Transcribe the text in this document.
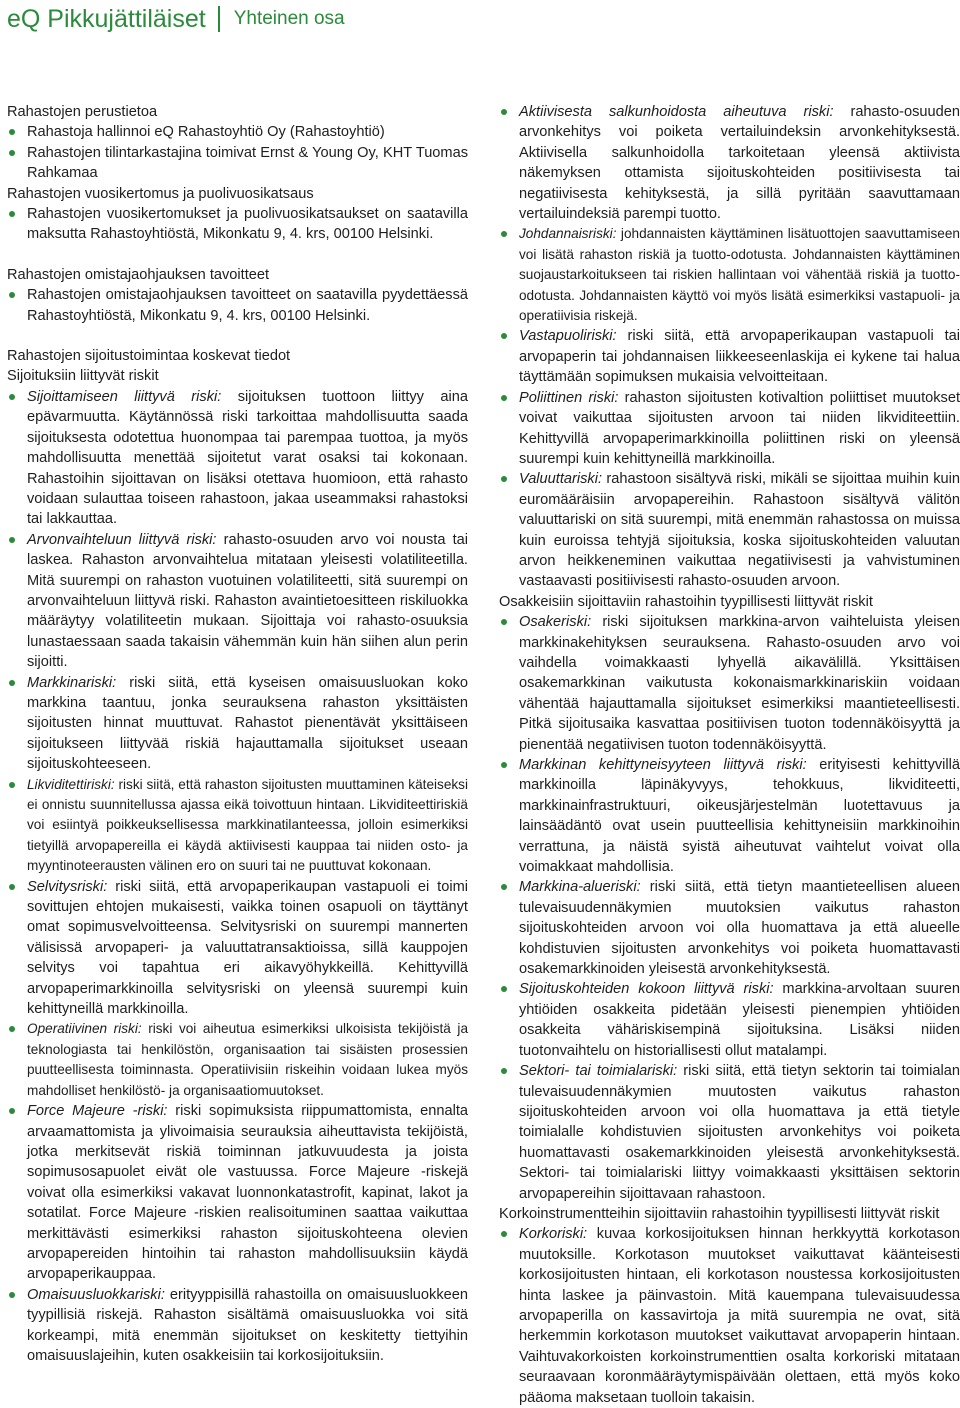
eQ Pikkujättiläiset Yhteinen osa
Rahastojen perustietoa
Rahastoja hallinnoi eQ Rahastoyhtiö Oy (Rahastoyhtiö)
Rahastojen tilintarkastajina toimivat Ernst & Young Oy, KHT Tuomas Rahkamaa
Rahastojen vuosikertomus ja puolivuosikatsaus
Rahastojen vuosikertomukset ja puolivuosikatsaukset on saatavilla maksutta Rahastoyhtiöstä, Mikonkatu 9, 4. krs, 00100 Helsinki.
Rahastojen omistajaohjauksen tavoitteet
Rahastojen omistajaohjauksen tavoitteet on saatavilla pyydettäessä Rahastoyhtiöstä, Mikonkatu 9, 4. krs, 00100 Helsinki.
Rahastojen sijoitustoimintaa koskevat tiedot
Sijoituksiin liittyvät riskit
Sijoittamiseen liittyvä riski: sijoituksen tuottoon liittyy aina epävarmuutta. Käytännössä riski tarkoittaa mahdollisuutta saada sijoituksesta odotettua huonompaa tai parempaa tuottoa, ja myös mahdollisuutta menettää sijoitetut varat osaksi tai kokonaan. Rahastoihin sijoittavan on lisäksi otettava huomioon, että rahasto voidaan sulauttaa toiseen rahastoon, jakaa useammaksi rahastoksi tai lakkauttaa.
Arvonvaihteluun liittyvä riski: rahasto-osuuden arvo voi nousta tai laskea. Rahaston arvonvaihtelua mitataan yleisesti volatiliteetilla. Mitä suurempi on rahaston vuotuinen volatiliteetti, sitä suurempi on arvonvaihteluun liittyvä riski. Rahaston avaintietoesitteen riskiluokka määräytyy volatiliteetin mukaan. Sijoittaja voi rahasto-osuuksia lunastaessaan saada takaisin vähemmän kuin hän siihen alun perin sijoitti.
Markkinariski: riski siitä, että kyseisen omaisuusluokan koko markkina taantuu, jonka seurauksena rahaston yksittäisten sijoitusten hinnat muuttuvat. Rahastot pienentävät yksittäiseen sijoitukseen liittyvää riskiä hajauttamalla sijoitukset useaan sijoituskohteeseen.
Likviditettiriski: riski siitä, että rahaston sijoitusten muuttaminen käteiseksi ei onnistu suunnitellussa ajassa eikä toivottuun hintaan. Likviditeettiriskiä voi esiintyä poikkeuksellisessa markkinatilanteessa, jolloin esimerkiksi tietyillä arvopapereilla ei käydä aktiivisesti kauppaa tai niiden osto- ja myyntinoteerausten välinen ero on suuri tai ne puuttuvat kokonaan.
Selvitysriski: riski siitä, että arvopaperikaupan vastapuoli ei toimi sovittujen ehtojen mukaisesti, vaikka toinen osapuoli on täyttänyt omat sopimusvelvoitteensa. Selvitysriski on suurempi mannerten välisissä arvopaperi- ja valuuttatransaktioissa, sillä kauppojen selvitys voi tapahtua eri aikavyöhykkeillä. Kehittyvillä arvopaperimarkkinoilla selvitysriski on yleensä suurempi kuin kehittyneillä markkinoilla.
Operatiivinen riski: riski voi aiheutua esimerkiksi ulkoisista tekijöistä ja teknologiasta tai henkilöstön, organisaation tai sisäisten prosessien puutteellisesta toiminnasta. Operatiivisiin riskeihin voidaan lukea myös mahdolliset henkilöstö- ja organisaatiomuutokset.
Force Majeure -riski: riski sopimuksista riippumattomista, ennalta arvaamattomista ja ylivoimaisia seurauksia aiheuttavista tekijöistä, jotka merkitsevät riskiä toiminnan jatkuvuudesta ja joista sopimusosapuolet eivät ole vastuussa. Force Majeure -riskejä voivat olla esimerkiksi vakavat luonnonkatastrofit, kapinat, lakot ja sotatilat. Force Majeure -riskien realisoituminen saattaa vaikuttaa merkittävästi esimerkiksi rahaston sijoituskohteena olevien arvopapereiden hintoihin tai rahaston mahdollisuuksiin käydä arvopaperikauppaa.
Omaisuusluokkariski: erityyppisillä rahastoilla on omaisuusluokkeen tyypillisiä riskejä. Rahaston sisältämä omaisuusluokka voi sitä korkeampi, mitä enemmän sijoitukset on keskitetty tiettyihin omaisuuslajeihin, kuten osakkeisiin tai korkosijoituksiin.
Aktiivisesta salkunhoidosta aiheutuva riski: rahasto-osuuden arvonkehitys voi poiketa vertailuindeksin arvonkehityksestä. Aktiivisella salkunhoidolla tarkoitetaan yleensä aktiivista näkemyksen ottamista sijoituskohteiden positiivisesta tai negatiivisesta kehityksestä, ja sillä pyritään saavuttamaan vertailuindeksiä parempi tuotto.
Johdannaisriski: johdannaisten käyttäminen lisätuottojen saavuttamiseen voi lisätä rahaston riskiä ja tuotto-odotusta. Johdannaisten käyttäminen suojaustarkoitukseen tai riskien hallintaan voi vähentää riskiä ja tuotto-odotusta. Johdannaisten käyttö voi myös lisätä esimerkiksi vastapuoli- ja operatiivisia riskejä.
Vastapuoliriski: riski siitä, että arvopaperikaupan vastapuoli tai arvopaperin tai johdannaisen liikkeeseenlaskija ei kykene tai halua täyttämään sopimuksen mukaisia velvoitteitaan.
Poliittinen riski: rahaston sijoitusten kotivaltion poliittiset muutokset voivat vaikuttaa sijoitusten arvoon tai niiden likviditeettiin. Kehittyvillä arvopaperimarkkinoilla poliittinen riski on yleensä suurempi kuin kehittyneillä markkinoilla.
Valuuttariski: rahastoon sisältyvä riski, mikäli se sijoittaa muihin kuin euromääräisiin arvopapereihin. Rahastoon sisältyvä välitön valuuttariski on sitä suurempi, mitä enemmän rahastossa on muissa kuin euroissa tehtyjä sijoituksia, koska sijoituskohteiden valuutan arvon heikkeneminen vaikuttaa negatiivisesti ja vahvistuminen vastaavasti positiivisesti rahasto-osuuden arvoon.
Osakkeisiin sijoittaviin rahastoihin tyypillisesti liittyvät riskit
Osakeriski: riski sijoituksen markkina-arvon vaihteluista yleisen markkinakehityksen seurauksena. Rahasto-osuuden arvo voi vaihdella voimakkaasti lyhyellä aikavälillä. Yksittäisen osakemarkkinan vaikutusta kokonaismarkkinariskiin voidaan vähentää hajauttamalla sijoitukset esimerkiksi maantieteellisesti. Pitkä sijoitusaika kasvattaa positiivisen tuoton todennäköisyyttä ja pienentää negatiivisen tuoton todennäköisyyttä.
Markkinan kehittyneisyyteen liittyvä riski: erityisesti kehittyvillä markkinoilla läpinäkyvyys, tehokkuus, likviditeetti, markkinainfrastruktuuri, oikeusjärjestelmän luotettavuus ja lainsäädäntö ovat usein puutteellisia kehittyneisiin markkinoihin verrattuna, ja näistä syistä aiheutuvat vaihtelut voivat olla voimakkaat mahdollisia.
Markkina-alueriski: riski siitä, että tietyn maantieteellisen alueen tulevaisuudennäkymien muutoksien vaikutus rahaston sijoituskohteiden arvoon voi olla huomattava ja että alueelle kohdistuvien sijoitusten arvonkehitys voi poiketa huomattavasti osakemarkkinoiden yleisestä arvonkehityksestä.
Sijoituskohteiden kokoon liittyvä riski: markkina-arvoltaan suuren yhtiöiden osakkeita pidetään yleisesti pienempien yhtiöiden osakkeita vähäriskisempinä sijoituksina. Lisäksi niiden tuotonvaihtelu on historiallisesti ollut matalampi.
Sektori- tai toimialariski: riski siitä, että tietyn sektorin tai toimialan tulevaisuudennäkymien muutosten vaikutus rahaston sijoituskohteiden arvoon voi olla huomattava ja että tietyle toimialalle kohdistuvien sijoitusten arvonkehitys voi poiketa huomattavasti osakemarkkinoiden yleisestä arvonkehityksestä. Sektori- tai toimialariski liittyy voimakkaasti yksittäisen sektorin arvopapereihin sijoittavaan rahastoon.
Korkoinstrumentteihin sijoittaviin rahastoihin tyypillisesti liittyvät riskit
Korkoriski: kuvaa korkosijoituksen hinnan herkkyyttä korkotason muutoksille. Korkotason muutokset vaikuttavat käänteisesti korkosijoitusten hintaan, eli korkotason noustessa korkosijoitusten hinta laskee ja päinvastoin. Mitä kauempana tulevaisuudessa arvopaperilla on kassavirtoja ja mitä suurempia ne ovat, sitä herkemmin korkotason muutokset vaikuttavat arvopaperin hintaan. Vaihtuvakorkoisten korkoinstrumenttien osalta korkoriski mitataan seuraavaan koronmääräytymispäivään olettaen, että myös koko pääoma maksetaan tuolloin takaisin.
